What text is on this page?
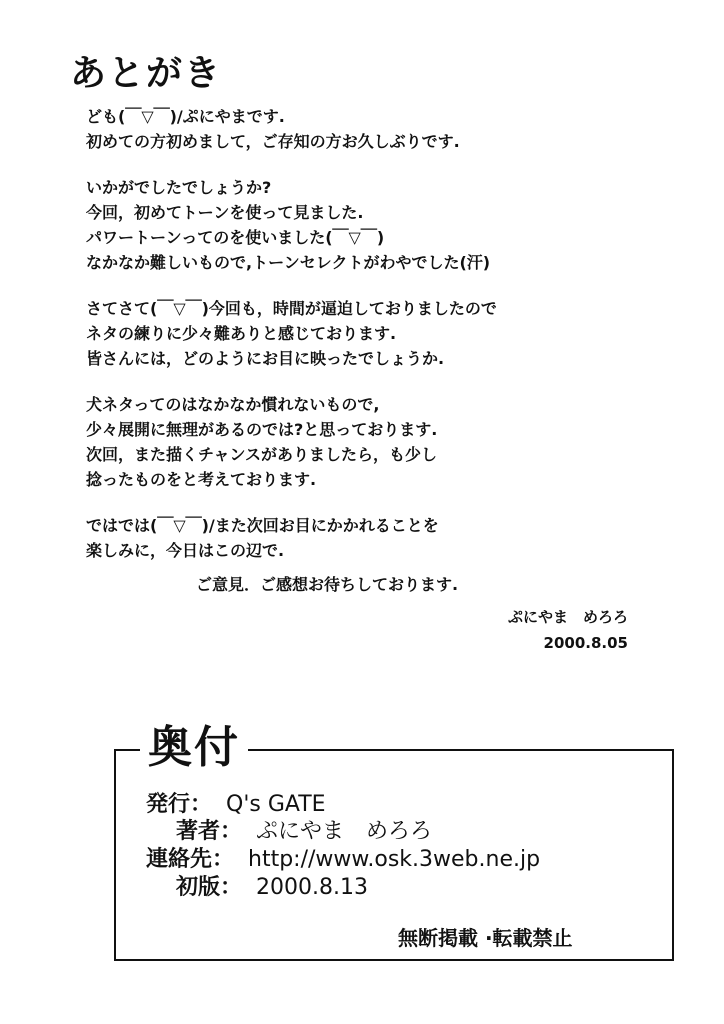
あとがき
ども(￣▽￣)/ぷにやまです.
初めての方初めまして，ご存知の方お久しぶりです.
いかがでしたでしょうか?
今回，初めてトーンを使って見ました.
パワートーンってのを使いました(￣▽￣)
なかなか難しいもので,トーンセレクトがわやでした(汗)
さてさて(￣▽￣)今回も，時間が逼迫しておりましたので
ネタの練りに少々難ありと感じております.
皆さんには，どのようにお目に映ったでしょうか.
犬ネタってのはなかなか慣れないもので,
少々展開に無理があるのでは?と思っております.
次回，また描くチャンスがありましたら，も少し
捻ったものをと考えております.
ではでは(￣▽￣)/また次回お目にかかれることを
楽しみに，今日はこの辺で.
ご意見．ご感想お待ちしております.
ぷにやま　めろろ
2000.8.05
奥付
発行： Q's GATE
著者： ぷにやま　めろろ
連絡先： http://www.osk.3web.ne.jp
初版： 2000.8.13
無断掲載 ·転載禁止
